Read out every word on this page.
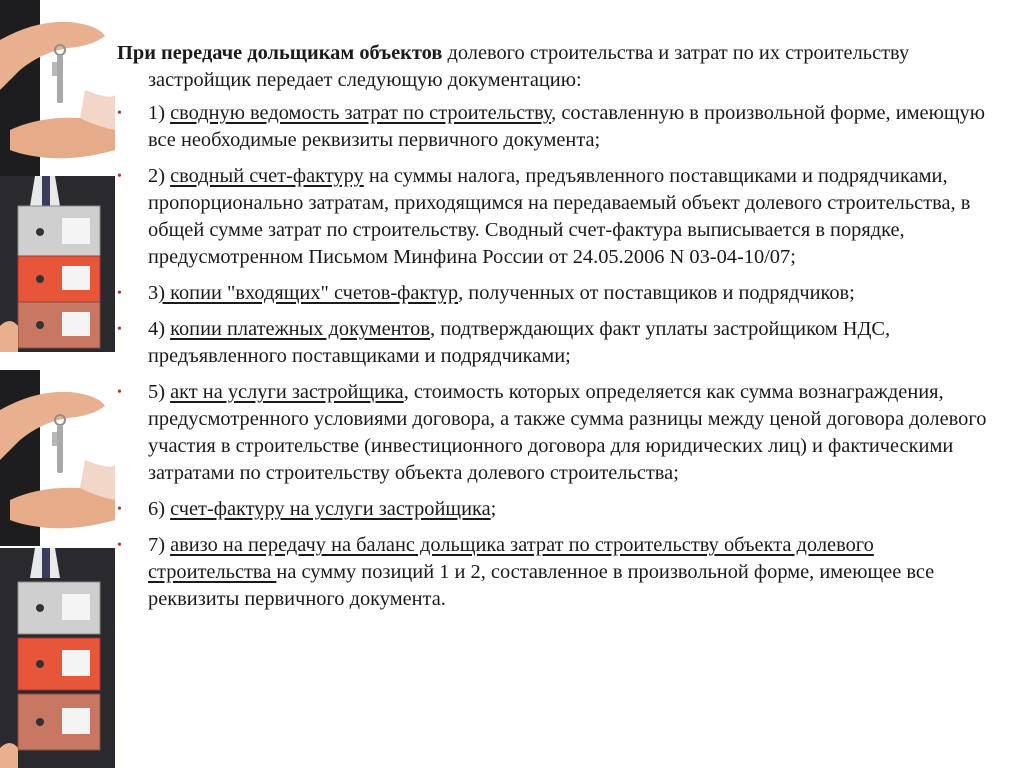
При передаче дольщикам объектов долевого строительства и затрат по их строительству застройщик передает следующую документацию:

• 1) сводную ведомость затрат по строительству, составленную в произвольной форме, имеющую все необходимые реквизиты первичного документа;
• 2) сводный счет-фактуру на суммы налога, предъявленного поставщиками и подрядчиками, пропорционально затратам, приходящимся на передаваемый объект долевого строительства, в общей сумме затрат по строительству. Сводный счет-фактура выписывается в порядке, предусмотренном Письмом Минфина России от 24.05.2006 N 03-04-10/07;
• 3) копии "входящих" счетов-фактур, полученных от поставщиков и подрядчиков;
• 4) копии платежных документов, подтверждающих факт уплаты застройщиком НДС, предъявленного поставщиками и подрядчиками;
• 5) акт на услуги застройщика, стоимость которых определяется как сумма вознаграждения, предусмотренного условиями договора, а также сумма разницы между ценой договора долевого участия в строительстве (инвестиционного договора для юридических лиц) и фактическими затратами по строительству объекта долевого строительства;
• 6) счет-фактуру на услуги застройщика;
• 7) авизо на передачу на баланс дольщика затрат по строительству объекта долевого строительства на сумму позиций 1 и 2, составленное в произвольной форме, имеющее все реквизиты первичного документа.
